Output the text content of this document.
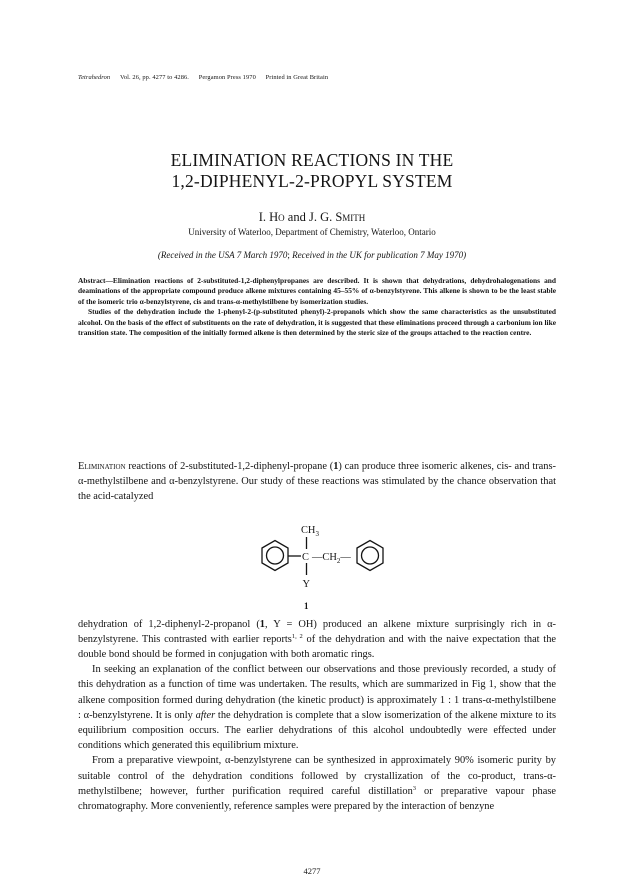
Tetrahedron Vol. 26, pp. 4277 to 4286. Pergamon Press 1970 Printed in Great Britain
ELIMINATION REACTIONS IN THE
1,2-DIPHENYL-2-PROPYL SYSTEM
I. Ho and J. G. Smith
University of Waterloo, Department of Chemistry, Waterloo, Ontario
(Received in the USA 7 March 1970; Received in the UK for publication 7 May 1970)

Abstract—Elimination reactions of 2-substituted-1,2-diphenylpropanes are described. It is shown that dehydrations, dehydrohalogenations and deaminations of the appropriate compound produce alkene mixtures containing 45–55% of α-benzylstyrene. This alkene is shown to be the least stable of the isomeric trio α-benzylstyrene, cis and trans-α-methylstilbene by isomerization studies.

Studies of the dehydration include the 1-phenyl-2-(p-substituted phenyl)-2-propanols which show the same characteristics as the unsubstituted alcohol. On the basis of the effect of substituents on the rate of dehydration, it is suggested that these eliminations proceed through a carbonium ion like transition state. The composition of the initially formed alkene is then determined by the steric size of the groups attached to the reaction centre.

Elimination reactions of 2-substituted-1,2-diphenyl-propane (1) can produce three isomeric alkenes, cis- and trans-α-methylstilbene and α-benzylstyrene. Our study of these reactions was stimulated by the chance observation that the acid-catalyzed

$CH_3$
C $—CH_2—$
Y
1

dehydration of 1,2-diphenyl-2-propanol (1, Y = OH) produced an alkene mixture surprisingly rich in α-benzylstyrene. This contrasted with earlier reports$^{1, 2}$ of the dehydration and with the naive expectation that the double bond should be formed in conjugation with both aromatic rings.

In seeking an explanation of the conflict between our observations and those previously recorded, a study of this dehydration as a function of time was undertaken. The results, which are summarized in Fig 1, show that the alkene composition formed during dehydration (the kinetic product) is approximately 1 : 1 trans-α-methylstilbene : α-benzylstyrene. It is only after the dehydration is complete that a slow isomerization of the alkene mixture to its equilibrium composition occurs. The earlier dehydrations of this alcohol undoubtedly were effected under conditions which generated this equilibrium mixture.

From a preparative viewpoint, α-benzylstyrene can be synthesized in approximately 90% isomeric purity by suitable control of the dehydration conditions followed by crystallization of the co-product, trans-α-methylstilbene; however, further purification required careful distillation$^3$ or preparative vapour phase chromatography. More conveniently, reference samples were prepared by the interaction of benzyne

4277
